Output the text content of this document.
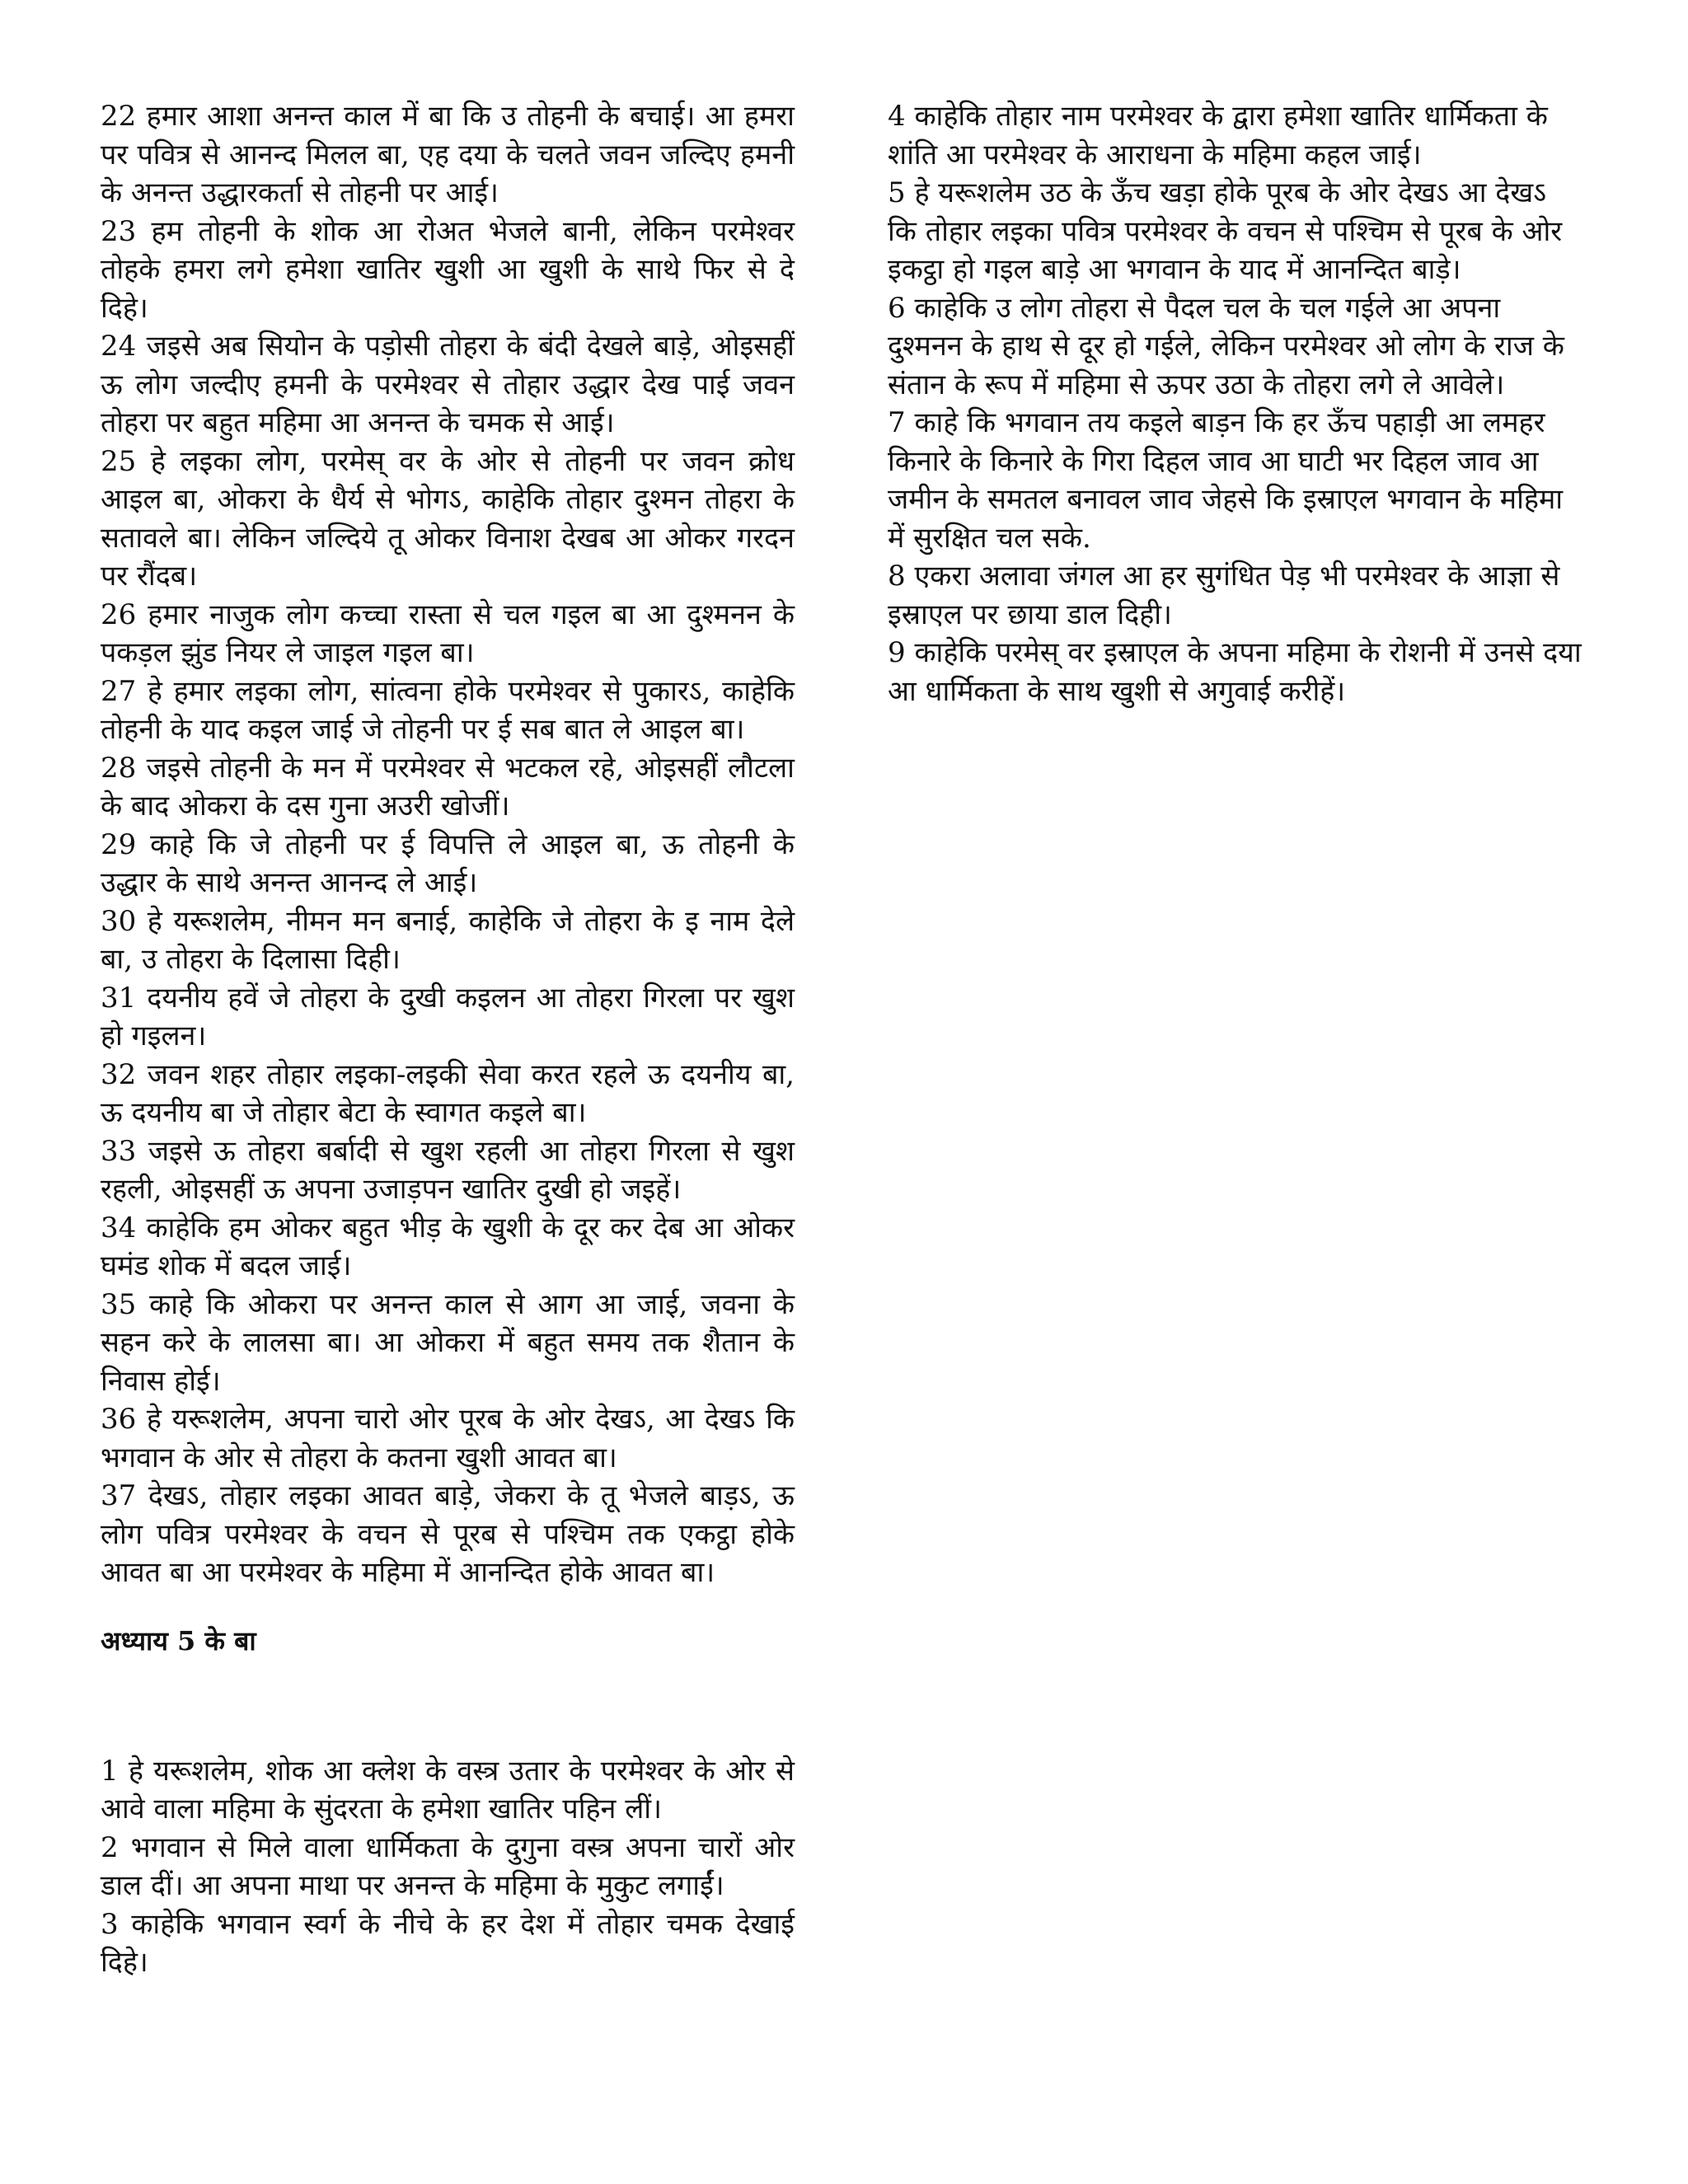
22 हमार आशा अनन्त काल में बा कि उ तोहनी के बचाई। आ हमरा पर पवित्र से आनन्द मिलल बा, एह दया के चलते जवन जल्दिए हमनी के अनन्त उद्धारकर्ता से तोहनी पर आई।

23 हम तोहनी के शोक आ रोअत भेजले बानी, लेकिन परमेश्वर तोहके हमरा लगे हमेशा खातिर खुशी आ खुशी के साथे फिर से दे दिहे।

24 जइसे अब सियोन के पड़ोसी तोहरा के बंदी देखले बाड़े, ओइसहीं ऊ लोग जल्दीए हमनी के परमेश्वर से तोहार उद्धार देख पाई जवन तोहरा पर बहुत महिमा आ अनन्त के चमक से आई।

25 हे लइका लोग, परमेस् वर के ओर से तोहनी पर जवन क्रोध आइल बा, ओकरा के धैर्य से भोगऽ, काहेकि तोहार दुश्मन तोहरा के सतावले बा। लेकिन जल्दिये तू ओकर विनाश देखब आ ओकर गरदन पर रौंदब।

26 हमार नाजुक लोग कच्चा रास्ता से चल गइल बा आ दुश्मनन के पकड़ल झुंड नियर ले जाइल गइल बा।

27 हे हमार लइका लोग, सांत्वना होके परमेश्वर से पुकारऽ, काहेकि तोहनी के याद कइल जाई जे तोहनी पर ई सब बात ले आइल बा।

28 जइसे तोहनी के मन में परमेश्वर से भटकल रहे, ओइसहीं लौटला के बाद ओकरा के दस गुना अउरी खोजीं।

29 काहे कि जे तोहनी पर ई विपत्ति ले आइल बा, ऊ तोहनी के उद्धार के साथे अनन्त आनन्द ले आई।

30 हे यरूशलेम, नीमन मन बनाई, काहेकि जे तोहरा के इ नाम देले बा, उ तोहरा के दिलासा दिही।

31 दयनीय हवें जे तोहरा के दुखी कइलन आ तोहरा गिरला पर खुश हो गइलन।

32 जवन शहर तोहार लइका-लइकी सेवा करत रहले ऊ दयनीय बा, ऊ दयनीय बा जे तोहार बेटा के स्वागत कइले बा।

33 जइसे ऊ तोहरा बर्बादी से खुश रहली आ तोहरा गिरला से खुश रहली, ओइसहीं ऊ अपना उजाड़पन खातिर दुखी हो जइहें।

34 काहेकि हम ओकर बहुत भीड़ के खुशी के दूर कर देब आ ओकर घमंड शोक में बदल जाई।

35 काहे कि ओकरा पर अनन्त काल से आग आ जाई, जवना के सहन करे के लालसा बा। आ ओकरा में बहुत समय तक शैतान के निवास होई।

36 हे यरूशलेम, अपना चारो ओर पूरब के ओर देखऽ, आ देखऽ कि भगवान के ओर से तोहरा के कतना खुशी आवत बा।

37 देखऽ, तोहार लइका आवत बाड़े, जेकरा के तू भेजले बाड़ऽ, ऊ लोग पवित्र परमेश्वर के वचन से पूरब से पश्चिम तक एकट्ठा होके आवत बा आ परमेश्वर के महिमा में आनन्दित होके आवत बा।

अध्याय 5 के बा

1 हे यरूशलेम, शोक आ क्लेश के वस्त्र उतार के परमेश्वर के ओर से आवे वाला महिमा के सुंदरता के हमेशा खातिर पहिन लीं।

2 भगवान से मिले वाला धार्मिकता के दुगुना वस्त्र अपना चारों ओर डाल दीं। आ अपना माथा पर अनन्त के महिमा के मुकुट लगाईं।

3 काहेकि भगवान स्वर्ग के नीचे के हर देश में तोहार चमक देखाई दिहे।

4 काहेकि तोहार नाम परमेश्वर के द्वारा हमेशा खातिर धार्मिकता के शांति आ परमेश्वर के आराधना के महिमा कहल जाई।

5 हे यरूशलेम उठ के ऊँच खड़ा होके पूरब के ओर देखऽ आ देखऽ कि तोहार लइका पवित्र परमेश्वर के वचन से पश्चिम से पूरब के ओर इकट्ठा हो गइल बाड़े आ भगवान के याद में आनन्दित बाड़े।

6 काहेकि उ लोग तोहरा से पैदल चल के चल गईले आ अपना दुश्मनन के हाथ से दूर हो गईले, लेकिन परमेश्वर ओ लोग के राज के संतान के रूप में महिमा से ऊपर उठा के तोहरा लगे ले आवेले।

7 काहे कि भगवान तय कइले बाड़न कि हर ऊँच पहाड़ी आ लमहर किनारे के किनारे के गिरा दिहल जाव आ घाटी भर दिहल जाव आ जमीन के समतल बनावल जाव जेहसे कि इस्राएल भगवान के महिमा में सुरक्षित चल सके.

8 एकरा अलावा जंगल आ हर सुगंधित पेड़ भी परमेश्वर के आज्ञा से इस्राएल पर छाया डाल दिही।

9 काहेकि परमेस् वर इस्राएल के अपना महिमा के रोशनी में उनसे दया आ धार्मिकता के साथ खुशी से अगुवाई करीहें।
